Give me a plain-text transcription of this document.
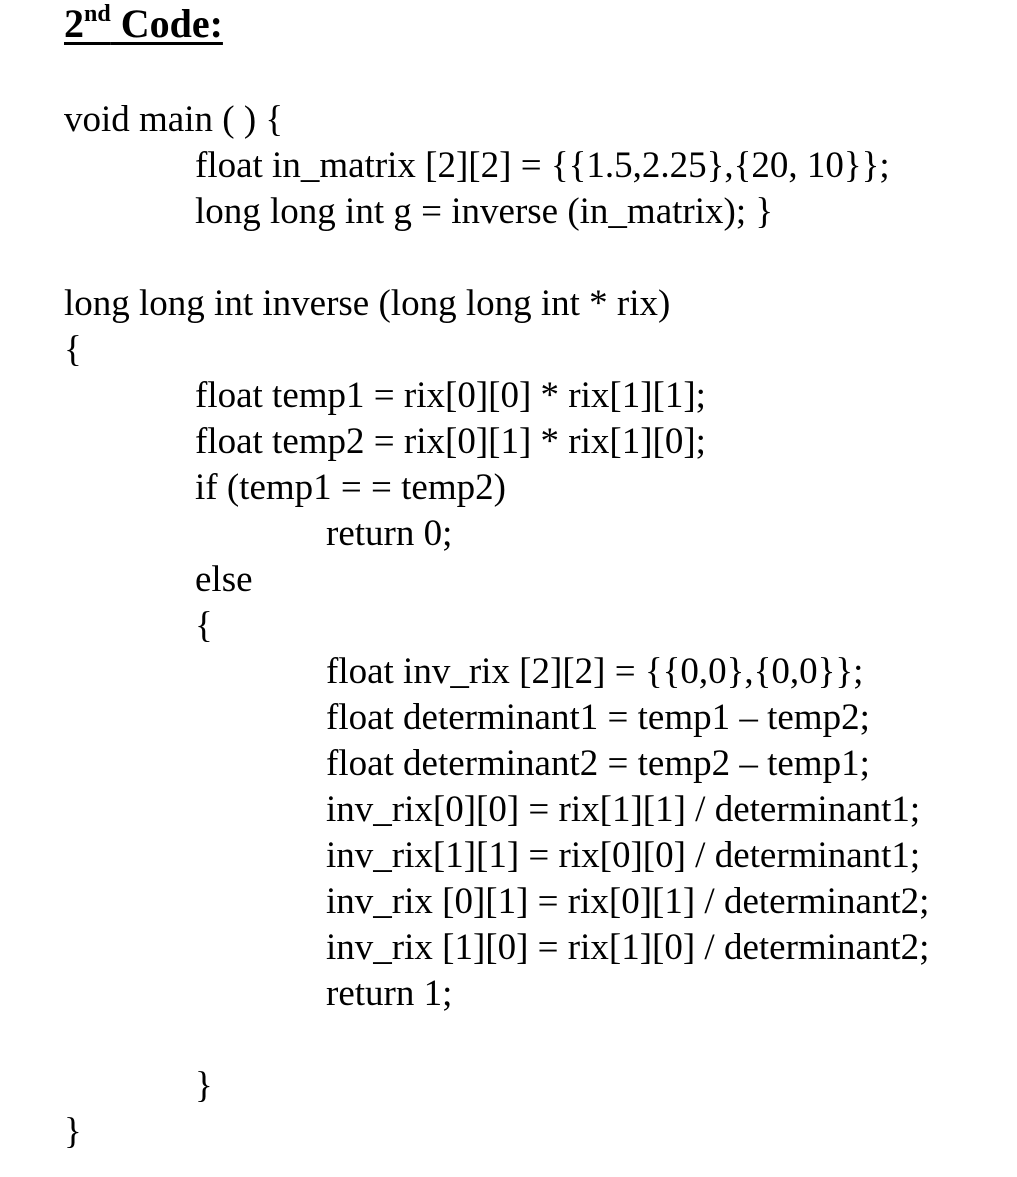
2nd Code:
void main ( ) {
float in_matrix [2][2] = {{1.5,2.25},{20, 10}};
long long int g = inverse (in_matrix); }
long long int inverse (long long int * rix)
{
float temp1 = rix[0][0] * rix[1][1];
float temp2 = rix[0][1] * rix[1][0];
if (temp1 = = temp2)
return 0;
else
{
float inv_rix [2][2] = {{0,0},{0,0}};
float determinant1 = temp1 – temp2;
float determinant2 = temp2 – temp1;
inv_rix[0][0] = rix[1][1] / determinant1;
inv_rix[1][1] = rix[0][0] / determinant1;
inv_rix [0][1] = rix[0][1] / determinant2;
inv_rix [1][0] = rix[1][0] / determinant2;
return 1;
}
}
